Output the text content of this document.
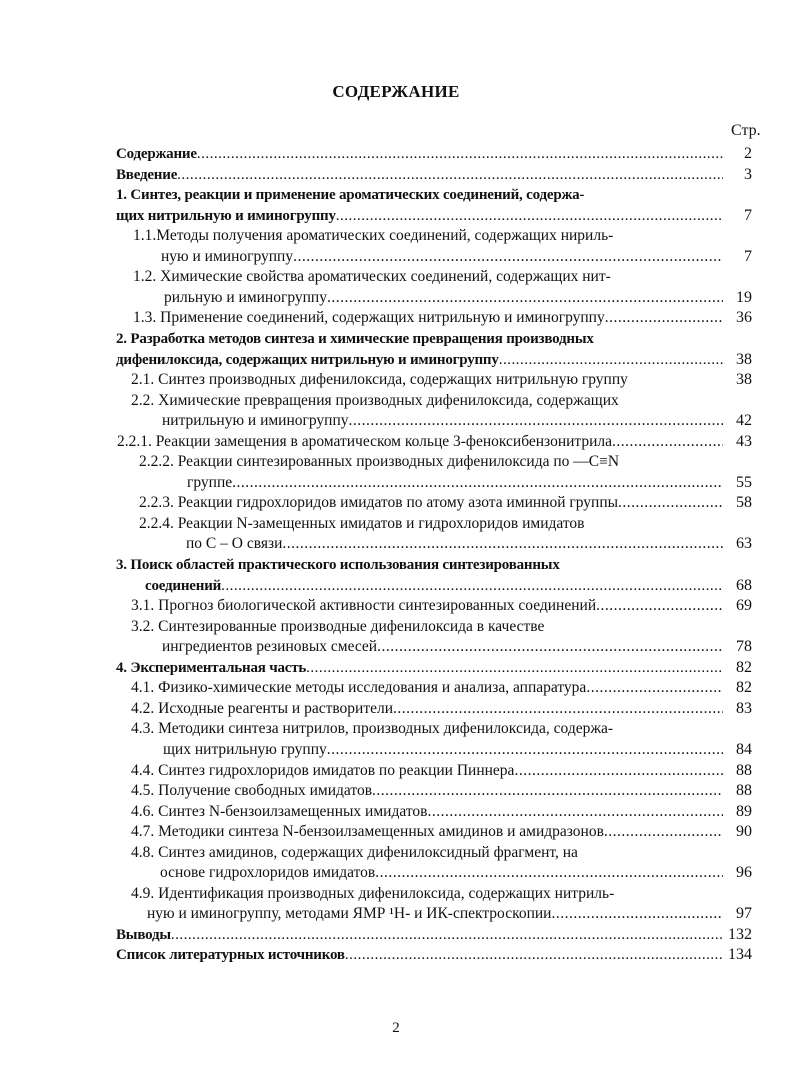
СОДЕРЖАНИЕ
Стр.
Содержание .....	2
Введение .....	3
1. Синтез, реакции и применение ароматических соединений, содержа-
щих нитрильную и иминогруппу .....	7
1.1.Методы получения ароматических соединений, содержащих нириль-
ную и иминогруппу .....	7
1.2. Химические свойства ароматических соединений, содержащих нит-
рильную и иминогруппу .....	19
1.3. Применение соединений, содержащих нитрильную и иминогруппу .....	36
2. Разработка методов синтеза и химические превращения производных
дифенилоксида, содержащих нитрильную и иминогруппу .....	38
2.1. Синтез производных дифенилоксида, содержащих нитрильную группу	38
2.2. Химические превращения производных дифенилоксида, содержащих
нитрильную и иминогруппу .....	42
2.2.1. Реакции замещения в ароматическом кольце 3-феноксибензонитрила .....	43
2.2.2. Реакции синтезированных производных дифенилоксида по —C≡N
группе .....	55
2.2.3. Реакции гидрохлоридов имидатов по атому азота иминной группы .....	58
2.2.4. Реакции N-замещенных имидатов и гидрохлоридов имидатов
по С – О связи .....	63
3. Поиск областей практического использования синтезированных
соединений .....	68
3.1. Прогноз биологической активности синтезированных соединений .....	69
3.2. Синтезированные производные дифенилоксида в качестве
ингредиентов резиновых смесей .....	78
4. Экспериментальная часть .....	82
4.1. Физико-химические методы исследования и анализа, аппаратура .....	82
4.2. Исходные реагенты и растворители .....	83
4.3. Методики синтеза нитрилов, производных дифенилоксида, содержа-
щих нитрильную группу .....	84
4.4. Синтез гидрохлоридов имидатов по реакции Пиннера .....	88
4.5. Получение свободных имидатов .....	88
4.6. Синтез N-бензоилзамещенных имидатов .....	89
4.7. Методики синтеза N-бензоилзамещенных амидинов и амидразонов .....	90
4.8. Синтез амидинов, содержащих дифенилоксидный фрагмент, на
основе гидрохлоридов имидатов .....	96
4.9. Идентификация производных дифенилоксида, содержащих нитриль-
ную и иминогруппу, методами ЯМР ¹Н- и ИК-спектроскопии .....	97
Выводы .....	132
Список литературных источников .....	134
2
